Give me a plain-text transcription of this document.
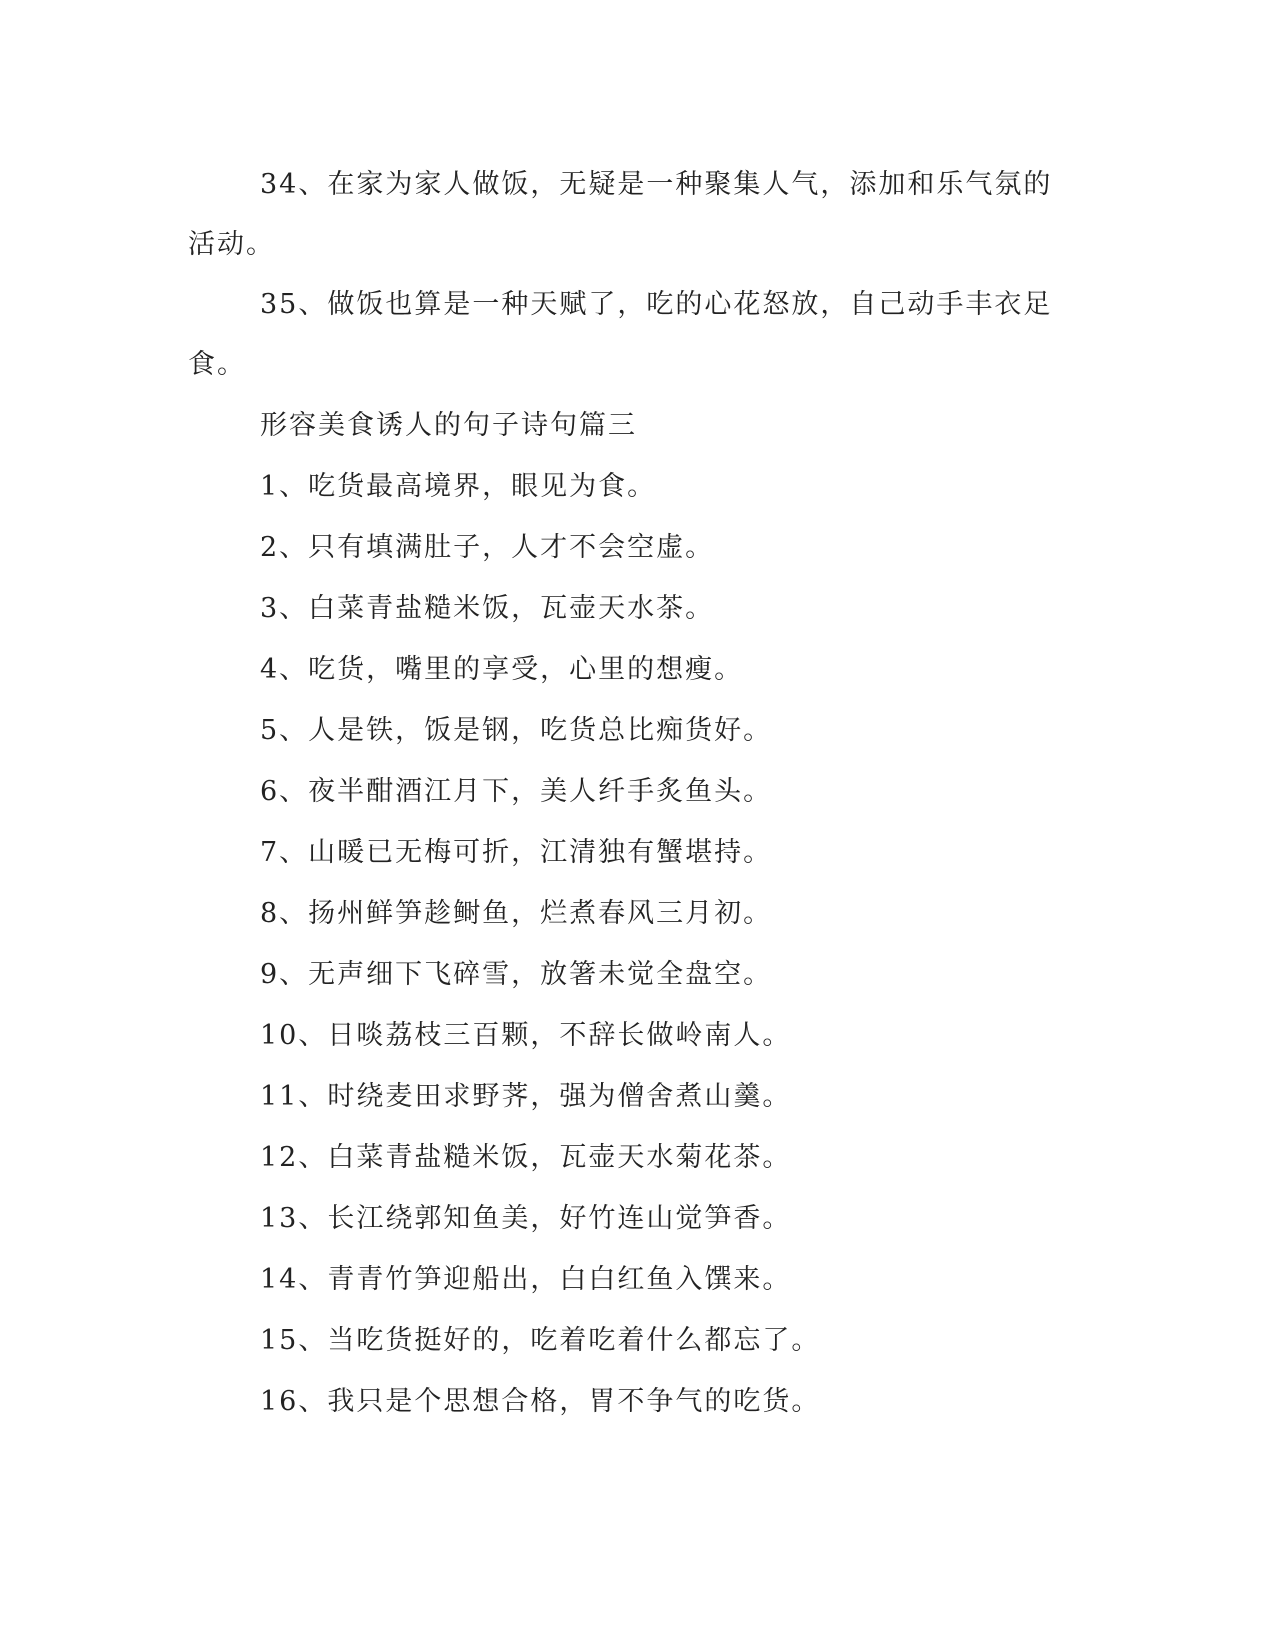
34、在家为家人做饭，无疑是一种聚集人气，添加和乐气氛的活动。

35、做饭也算是一种天赋了，吃的心花怒放，自己动手丰衣足食。

形容美食诱人的句子诗句篇三

1、吃货最高境界，眼见为食。

2、只有填满肚子，人才不会空虚。

3、白菜青盐糙米饭，瓦壶天水茶。

4、吃货，嘴里的享受，心里的想瘦。

5、人是铁，饭是钢，吃货总比痴货好。

6、夜半酣酒江月下，美人纤手炙鱼头。

7、山暖已无梅可折，江清独有蟹堪持。

8、扬州鲜笋趁鲥鱼，烂煮春风三月初。

9、无声细下飞碎雪，放箸未觉全盘空。

10、日啖荔枝三百颗，不辞长做岭南人。

11、时绕麦田求野荠，强为僧舍煮山羹。

12、白菜青盐糙米饭，瓦壶天水菊花茶。

13、长江绕郭知鱼美，好竹连山觉笋香。

14、青青竹笋迎船出，白白红鱼入馔来。

15、当吃货挺好的，吃着吃着什么都忘了。

16、我只是个思想合格，胃不争气的吃货。
